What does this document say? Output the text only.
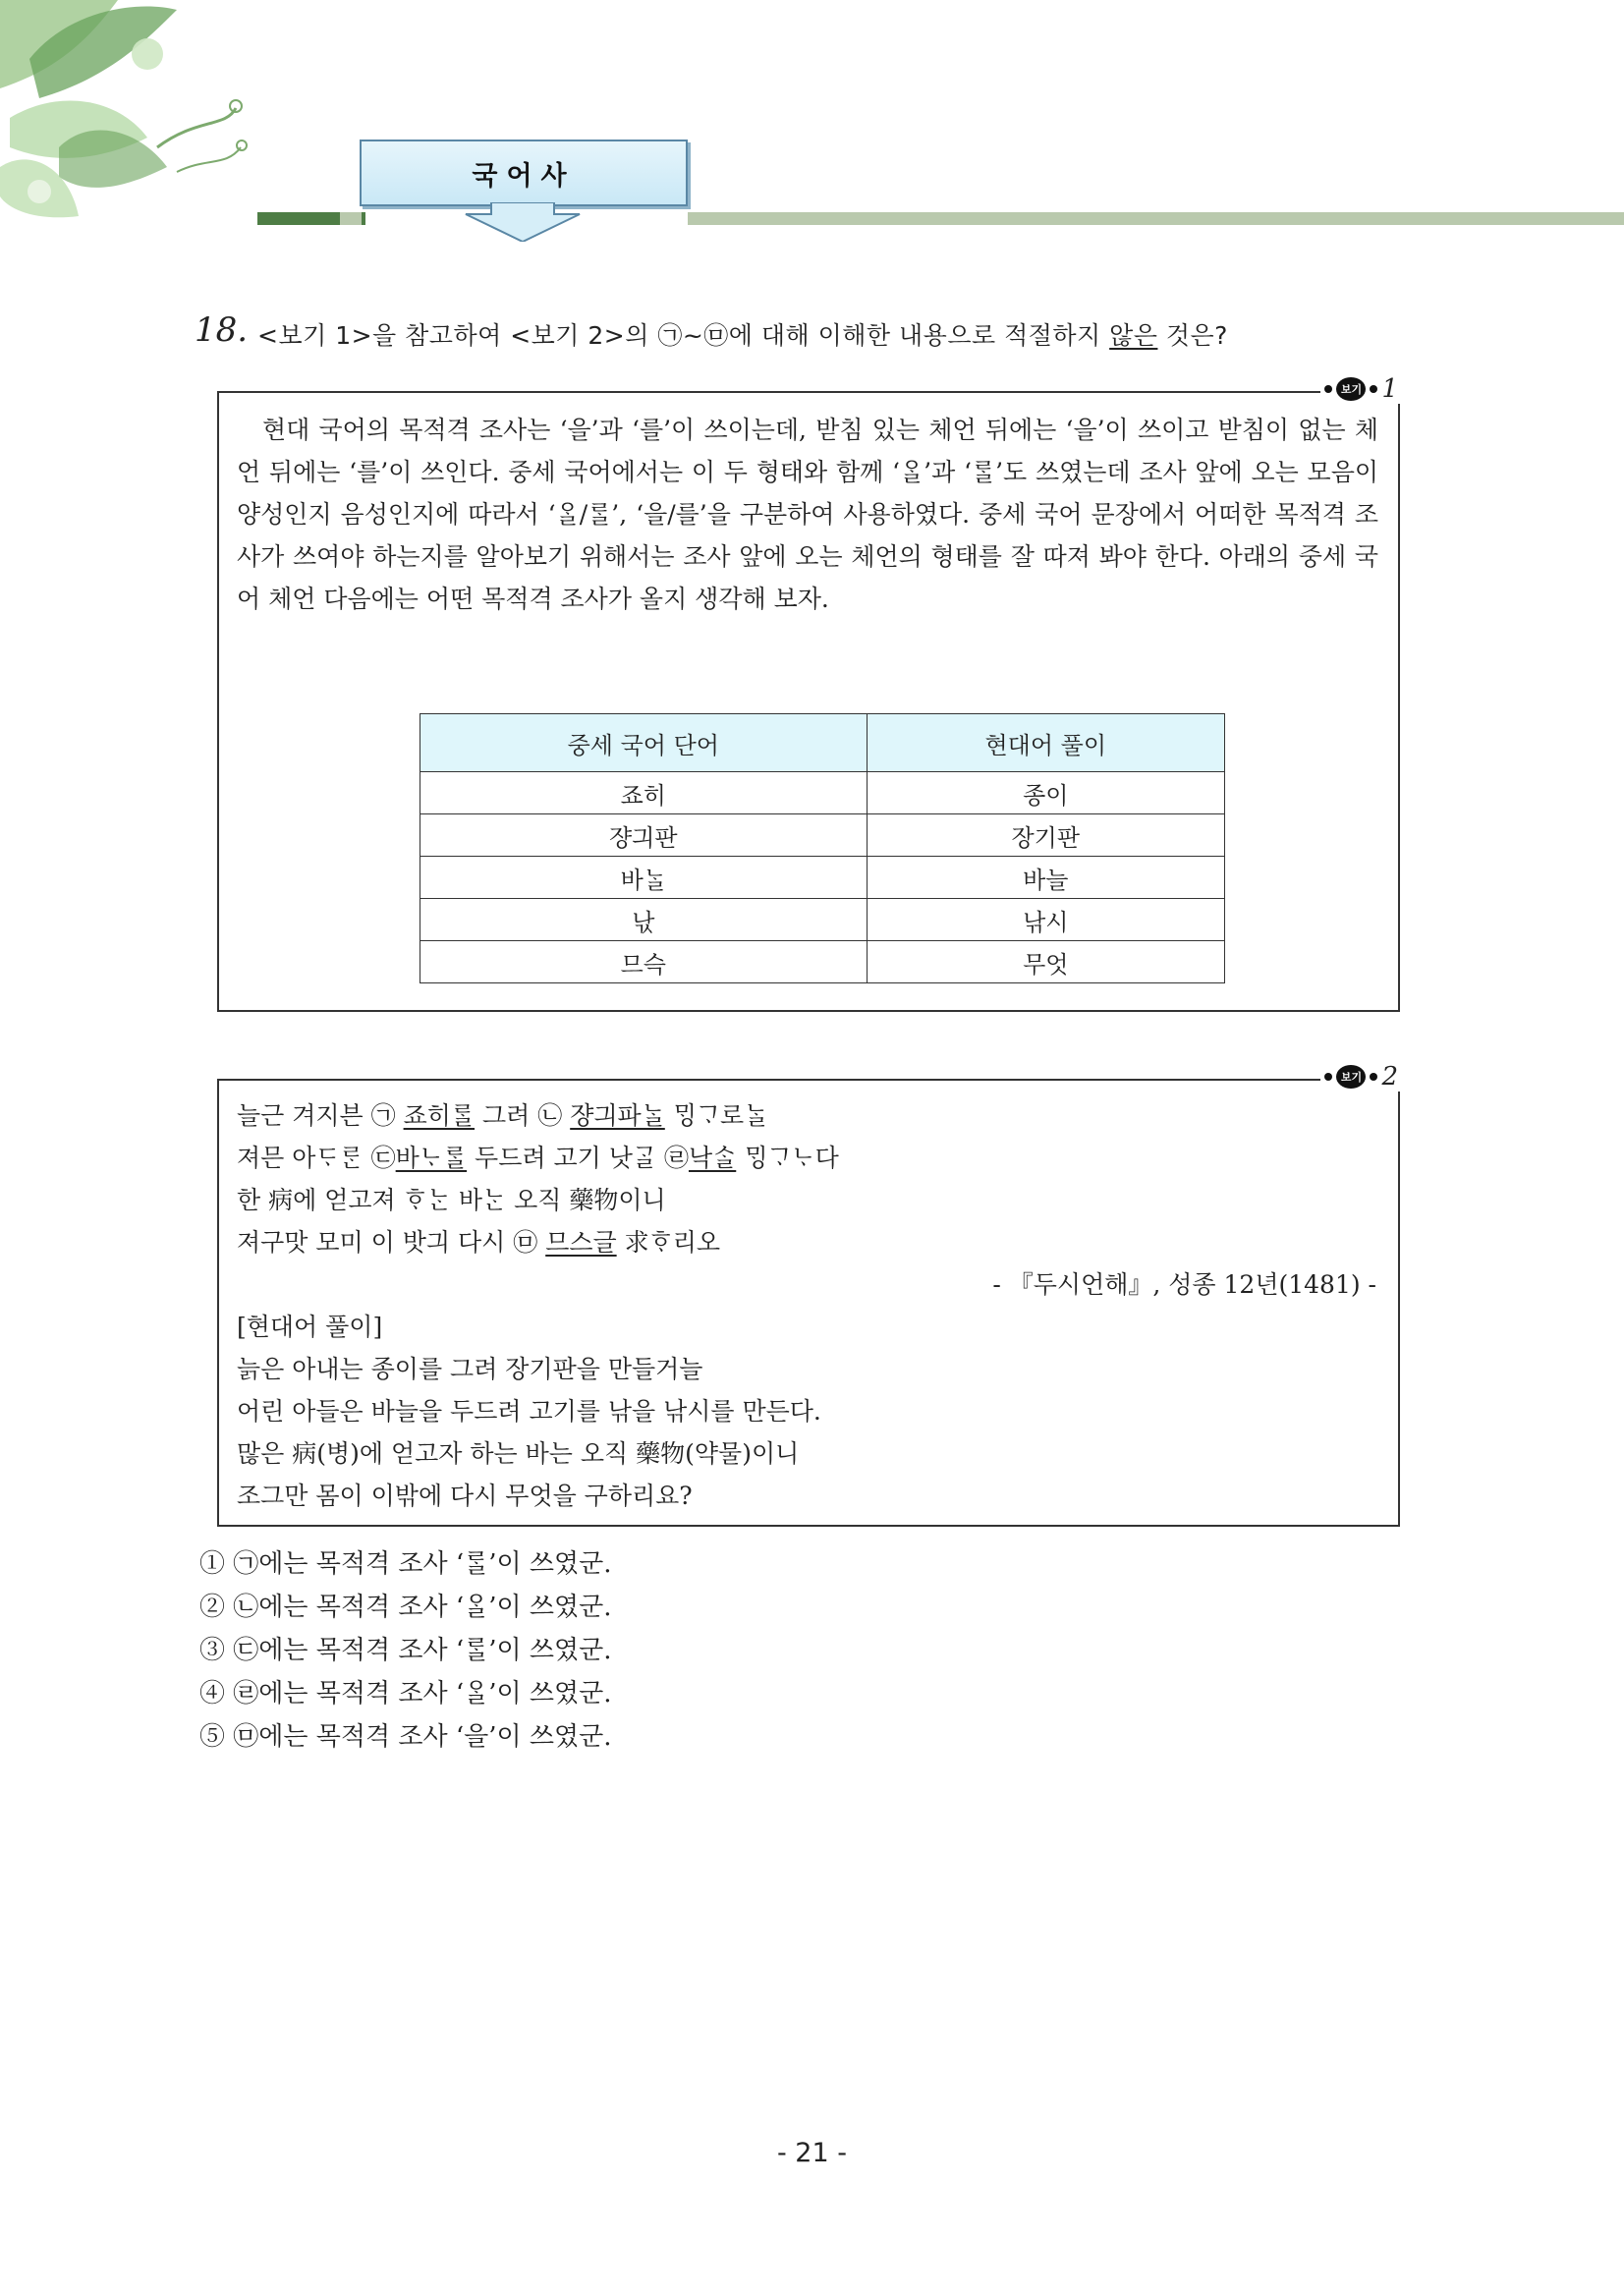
국어사
18. <보기 1>을 참고하여 <보기 2>의 ㉠~㉤에 대해 이해한 내용으로 적절하지 않은 것은?
보기 1

현대 국어의 목적격 조사는 ‘을’과 ‘를’이 쓰이는데, 받침 있는 체언 뒤에는 ‘을’이 쓰이고 받침이 없는 체언 뒤에는 ‘를’이 쓰인다. 중세 국어에서는 이 두 형태와 함께 ‘ᄋᆞᆯ’과 ‘ᄅᆞᆯ’도 쓰였는데 조사 앞에 오는 모음이 양성인지 음성인지에 따라서 ‘ᄋᆞᆯ/ᄅᆞᆯ’, ‘을/를’을 구분하여 사용하였다. 중세 국어 문장에서 어떠한 목적격 조사가 쓰여야 하는지를 알아보기 위해서는 조사 앞에 오는 체언의 형태를 잘 따져 봐야 한다. 아래의 중세 국어 체언 다음에는 어떤 목적격 조사가 올지 생각해 보자.

중세 국어 단어	현대어 풀이
죠히	종이
쟝긔판	장기판
바ᄂᆞᆯ	바늘
낛	낚시
므슥	무엇
보기 2
늘근 겨지븐 ㉠ 죠히ᄅᆞᆯ 그려 ㉡ 쟝긔파ᄂᆞᆯ ᄆᆡᆼᄀᆞ로ᄂᆞᆯ
져믄 아ᄃᆞᄅᆞᆫ ㉢바ᄂᆞᄅᆞᆯ 두드려 고기 낫ᄀᆞᆯ ㉣낙ᄉᆞᆯ ᄆᆡᆼᄀᆞᄂᆞ다
한 病에 얻고져 ᄒᆞᄂᆞᆫ 바ᄂᆞᆫ 오직 藥物이니
져구맛 모미 이 밧긔 다시 ㉤ 므스글 求ᄒᆞ리오
- 『두시언해』, 성종 12년(1481) -
[현대어 풀이]
늙은 아내는 종이를 그려 장기판을 만들거늘
어린 아들은 바늘을 두드려 고기를 낚을 낚시를 만든다.
많은 病(병)에 얻고자 하는 바는 오직 藥物(약물)이니
조그만 몸이 이밖에 다시 무엇을 구하리요?
① ㉠에는 목적격 조사 ‘ᄅᆞᆯ’이 쓰였군.
② ㉡에는 목적격 조사 ‘ᄋᆞᆯ’이 쓰였군.
③ ㉢에는 목적격 조사 ‘ᄅᆞᆯ’이 쓰였군.
④ ㉣에는 목적격 조사 ‘ᄋᆞᆯ’이 쓰였군.
⑤ ㉤에는 목적격 조사 ‘을’이 쓰였군.
- 21 -
